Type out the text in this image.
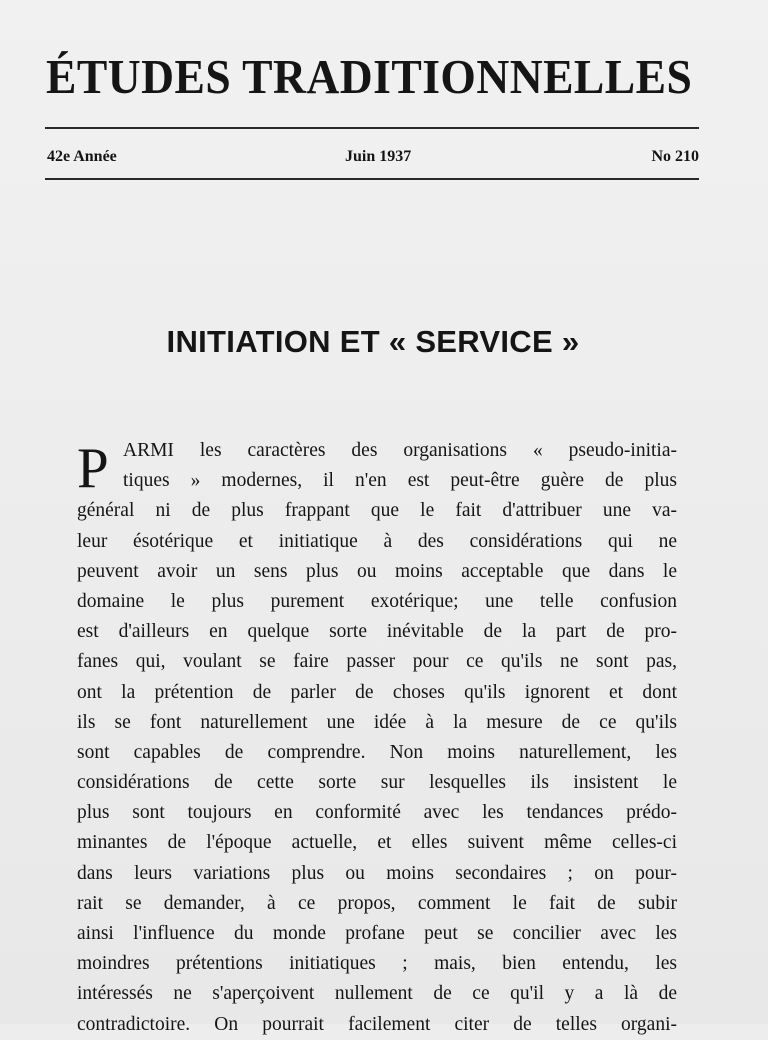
ÉTUDES TRADITIONNELLES
42e Année	Juin 1937	No 210
INITIATION ET « SERVICE »
P ARMI les caractères des organisations « pseudo-initia-
tiques » modernes, il n'en est peut-être guère de plus
général ni de plus frappant que le fait d'attribuer une va-
leur ésotérique et initiatique à des considérations qui ne
peuvent avoir un sens plus ou moins acceptable que dans le
domaine le plus purement exotérique; une telle confusion
est d'ailleurs en quelque sorte inévitable de la part de pro-
fanes qui, voulant se faire passer pour ce qu'ils ne sont pas,
ont la prétention de parler de choses qu'ils ignorent et dont
ils se font naturellement une idée à la mesure de ce qu'ils
sont capables de comprendre. Non moins naturellement, les
considérations de cette sorte sur lesquelles ils insistent le
plus sont toujours en conformité avec les tendances prédo-
minantes de l'époque actuelle, et elles suivent même celles-ci
dans leurs variations plus ou moins secondaires ; on pour-
rait se demander, à ce propos, comment le fait de subir
ainsi l'influence du monde profane peut se concilier avec les
moindres prétentions initiatiques ; mais, bien entendu, les
intéressés ne s'aperçoivent nullement de ce qu'il y a là de
contradictoire. On pourrait facilement citer de telles organi-
